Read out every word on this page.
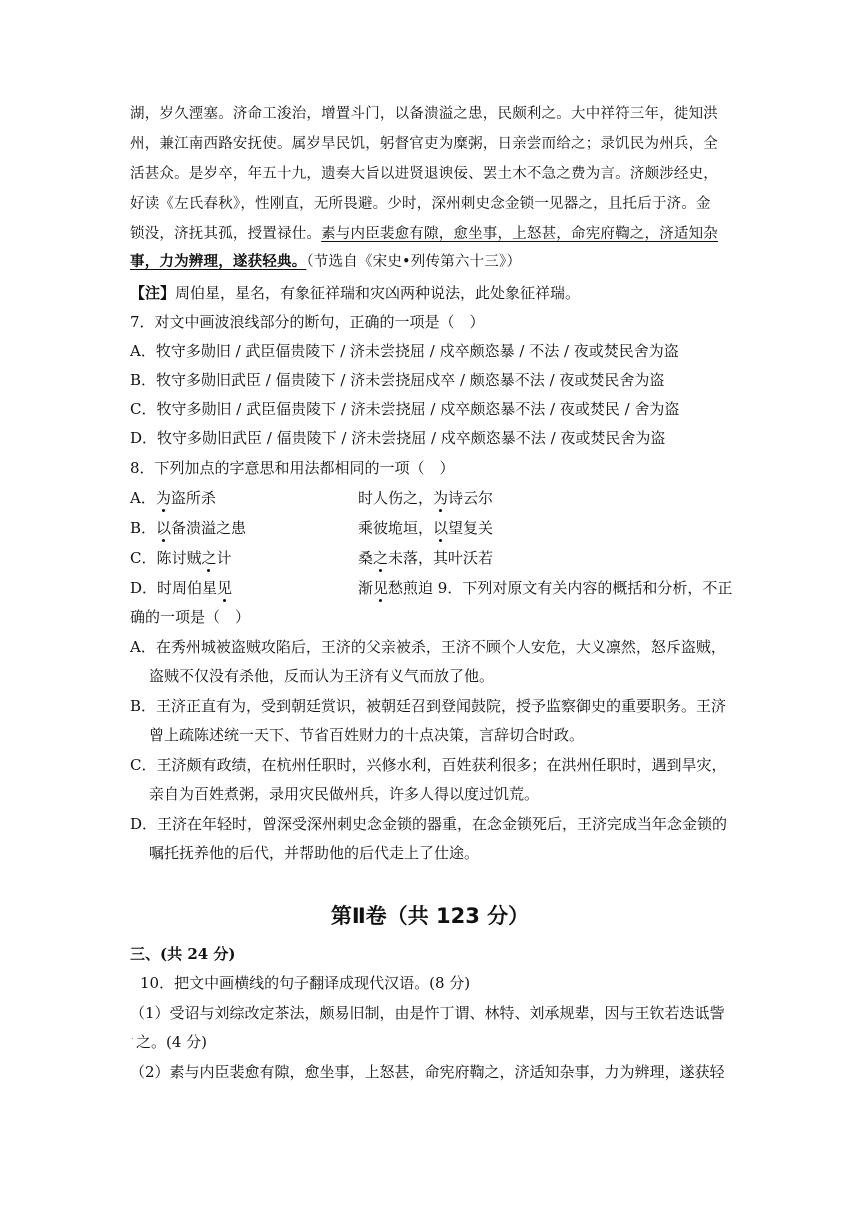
湖，岁久湮塞。济命工浚治，增置斗门，以备溃溢之患，民颇利之。大中祥符三年，徙知洪
州，兼江南西路安抚使。属岁旱民饥，躬督官吏为糜粥，日亲尝而给之；录饥民为州兵，全
活甚众。是岁卒，年五十九，遗奏大旨以进贤退谀佞、罢土木不急之费为言。济颇涉经史，
好读《左氏春秋》，性刚直，无所畏避。少时，深州刺史念金锁一见器之，且托后于济。金
锁没，济抚其孤，授置禄仕。素与内臣裴愈有隙，愈坐事，上怒甚，命宪府鞫之，济适知杂
事，力为辨理，遂获轻典。（节选自《宋史•列传第六十三》）
【注】周伯星，星名，有象征祥瑞和灾凶两种说法，此处象征祥瑞。
7．对文中画波浪线部分的断句，正确的一项是（　）
A．牧守多勋旧 / 武臣偪贵陵下 / 济未尝挠屈 / 戍卒颇恣暴 / 不法 / 夜或焚民舍为盗
B．牧守多勋旧武臣 / 偪贵陵下 / 济未尝挠屈戍卒 / 颇恣暴不法 / 夜或焚民舍为盗
C．牧守多勋旧 / 武臣偪贵陵下 / 济未尝挠屈 / 戍卒颇恣暴不法 / 夜或焚民 / 舍为盗
D．牧守多勋旧武臣 / 偪贵陵下 / 济未尝挠屈 / 戍卒颇恣暴不法 / 夜或焚民舍为盗
8．下列加点的字意思和用法都相同的一项（　）
A．为盗所杀	时人伤之，为诗云尔
B．以备溃溢之患	乘彼垝垣，以望复关
C．陈讨贼之计	桑之未落，其叶沃若
D．时周伯星见	渐见愁煎迫 9．下列对原文有关内容的概括和分析，不正
确的一项是（　）
A．在秀州城被盗贼攻陷后，王济的父亲被杀，王济不顾个人安危，大义凛然，怒斥盗贼，
盗贼不仅没有杀他，反而认为王济有义气而放了他。
B．王济正直有为，受到朝廷赏识，被朝廷召到登闻鼓院，授予监察御史的重要职务。王济
曾上疏陈述统一天下、节省百姓财力的十点决策，言辞切合时政。
C．王济颇有政绩，在杭州任职时，兴修水利，百姓获利很多；在洪州任职时，遇到旱灾，
亲自为百姓煮粥，录用灾民做州兵，许多人得以度过饥荒。
D．王济在年轻时，曾深受深州刺史念金锁的器重，在念金锁死后，王济完成当年念金锁的
嘱托抚养他的后代，并帮助他的后代走上了仕途。
第Ⅱ卷（共 123 分）
三、(共 24 分)
.
10．把文中画横线的句子翻译成现代汉语。(8 分)
（1）受诏与刘综改定茶法，颇易旧制，由是忤丁谓、林特、刘承规辈，因与王钦若迭诋訾
之。(4 分)
（2）素与内臣裴愈有隙，愈坐事，上怒甚，命宪府鞫之，济适知杂事，力为辨理，遂获轻
